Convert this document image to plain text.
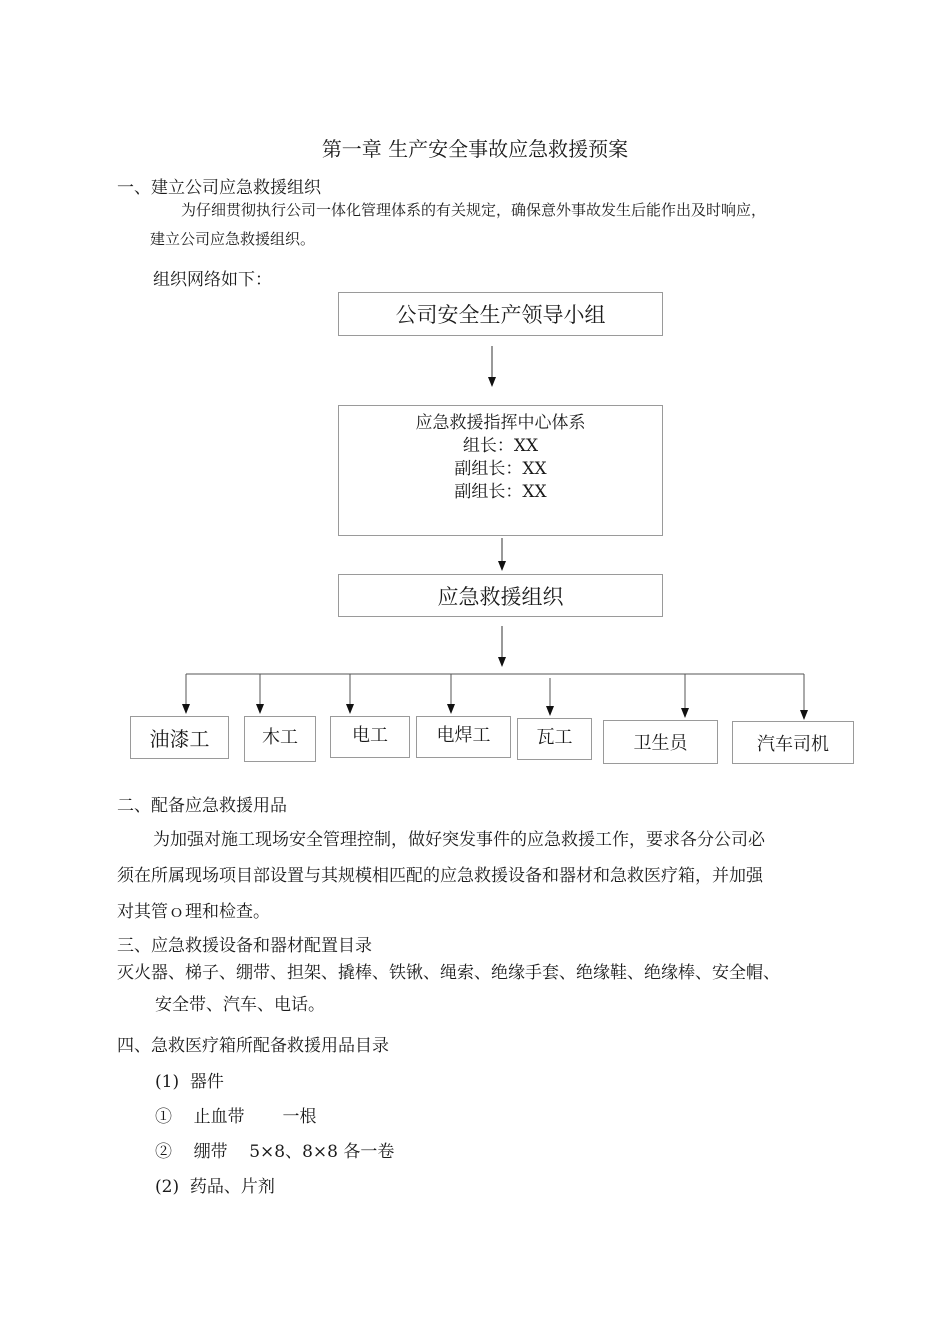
第一章 生产安全事故应急救援预案
一、建立公司应急救援组织
为仔细贯彻执行公司一体化管理体系的有关规定，确保意外事故发生后能作出及时响应，
建立公司应急救援组织。
组织网络如下：
公司安全生产领导小组
应急救援指挥中心体系
组长：XX
副组长：XX
副组长：XX
应急救援组织
油漆工	木工	电工	电焊工	瓦工	卫生员	汽车司机
二、配备应急救援用品
为加强对施工现场安全管理控制，做好突发事件的应急救援工作，要求各分公司必
须在所属现场项目部设置与其规模相匹配的应急救援设备和器材和急救医疗箱，并加强
对其管ｏ理和检查。
三、应急救援设备和器材配置目录
灭火器、梯子、绷带、担架、撬棒、铁锹、绳索、绝缘手套、绝缘鞋、绝缘棒、安全帽、
安全带、汽车、电话。
四、急救医疗箱所配备救援用品目录
(1)  器件
①    止血带       一根
②    绷带    5×8、8×8 各一卷
(2)  药品、片剂
